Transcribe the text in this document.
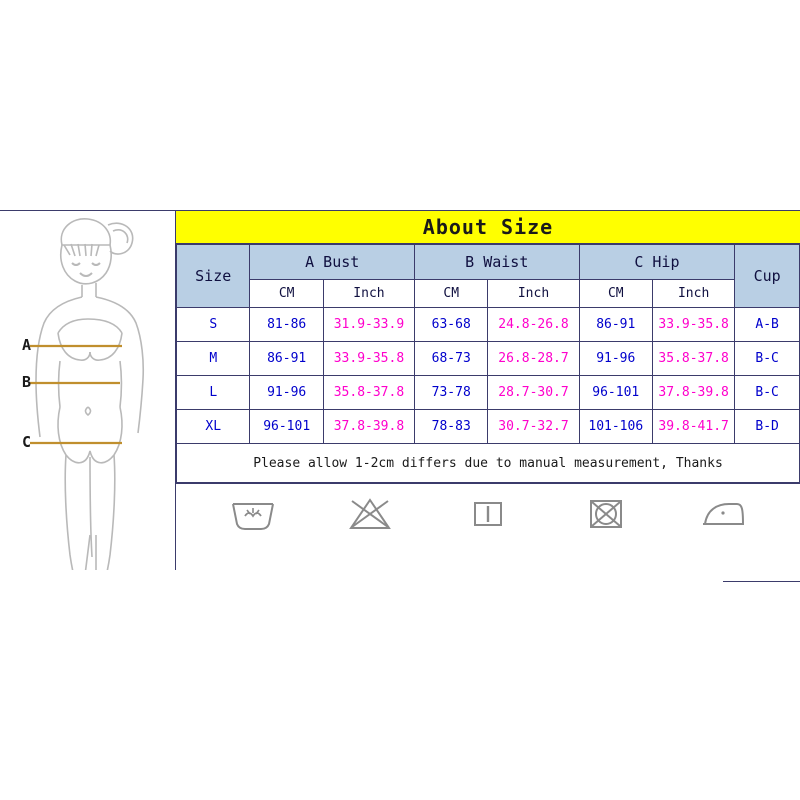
A
B
C
About Size
Size	A Bust		B Waist		C Hip		Cup
	CM	Inch	CM	Inch	CM	Inch	
S	81-86	31.9-33.9	63-68	24.8-26.8	86-91	33.9-35.8	A-B
M	86-91	33.9-35.8	68-73	26.8-28.7	91-96	35.8-37.8	B-C
L	91-96	35.8-37.8	73-78	28.7-30.7	96-101	37.8-39.8	B-C
XL	96-101	37.8-39.8	78-83	30.7-32.7	101-106	39.8-41.7	B-D
Please allow 1-2cm differs due to manual measurement, Thanks							
